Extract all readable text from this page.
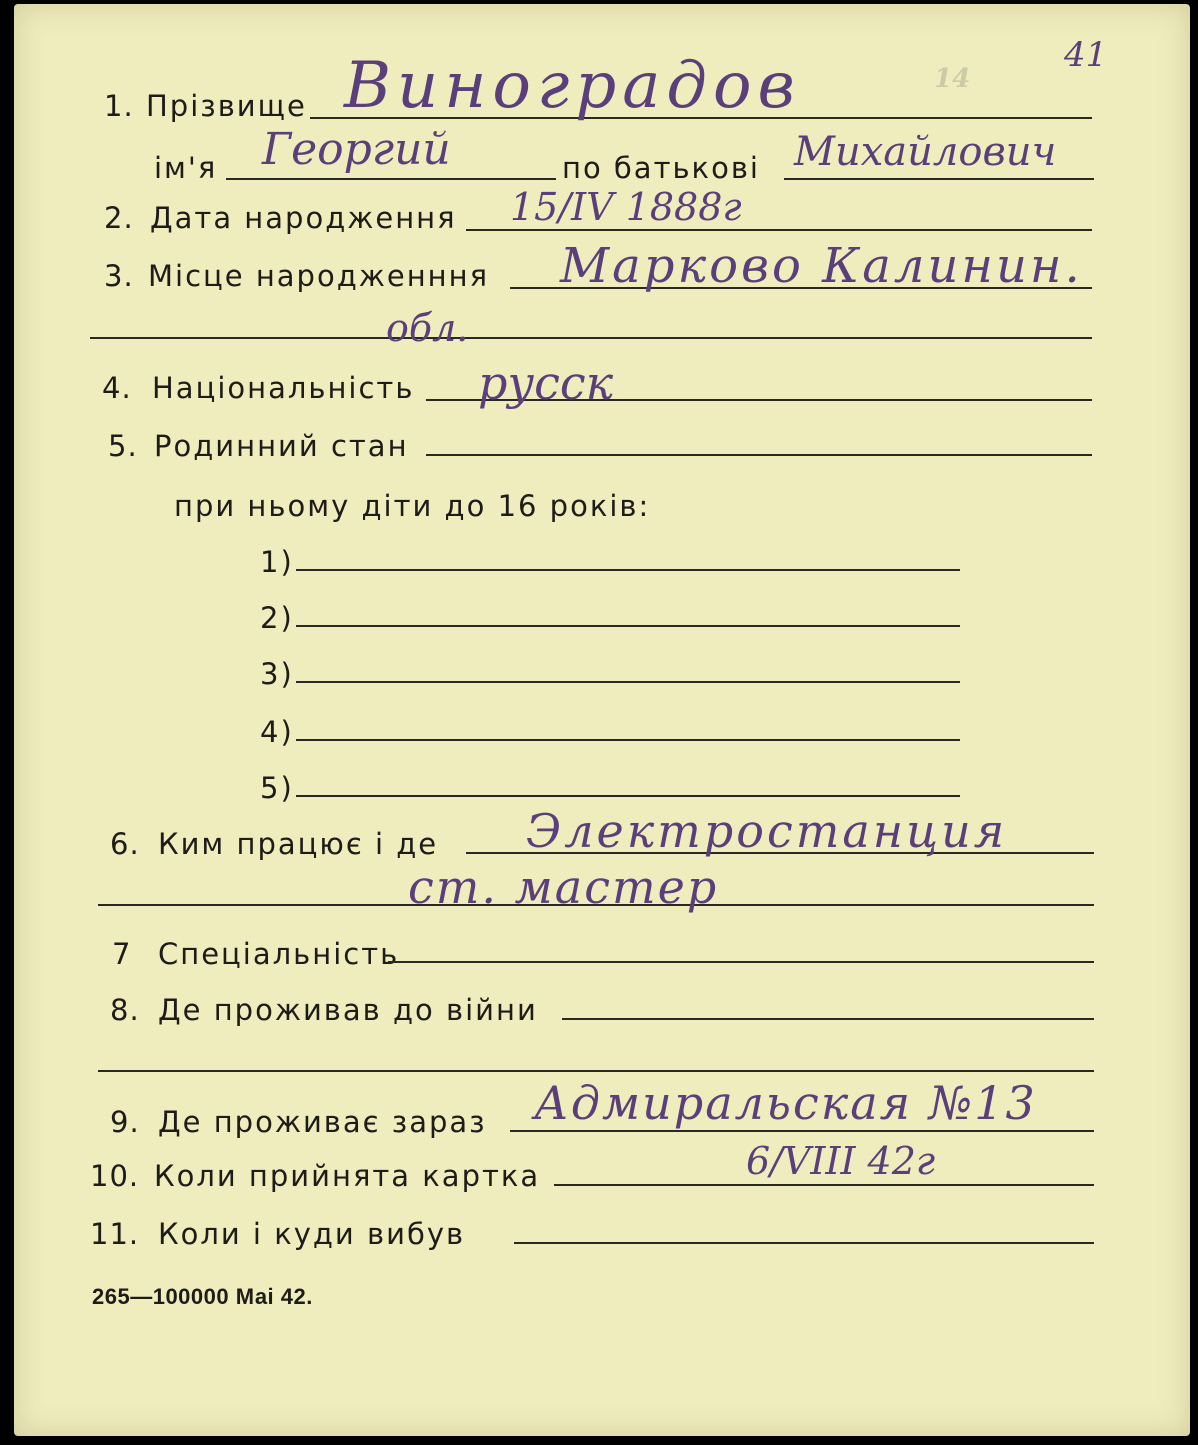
14
41
1. Прізвище Виноградов
ім'я Георгий	по батькові Михайлович
2. Дата народження 15/IV 1888г
3. Місце народженння Марково Калинин.
обл.
4. Національність русск
5. Родинний стан
при ньому діти до 16 років:
1)
2)
3)
4)
5)
6. Ким працює і де Электростанция
ст. мастер
7 Спеціальність
8. Де проживав до війни
9. Де проживає зараз Адмиральская №13
10. Коли прийнята картка	6/VIII 42г
11. Коли і куди вибув
265—100000 Маі 42.
